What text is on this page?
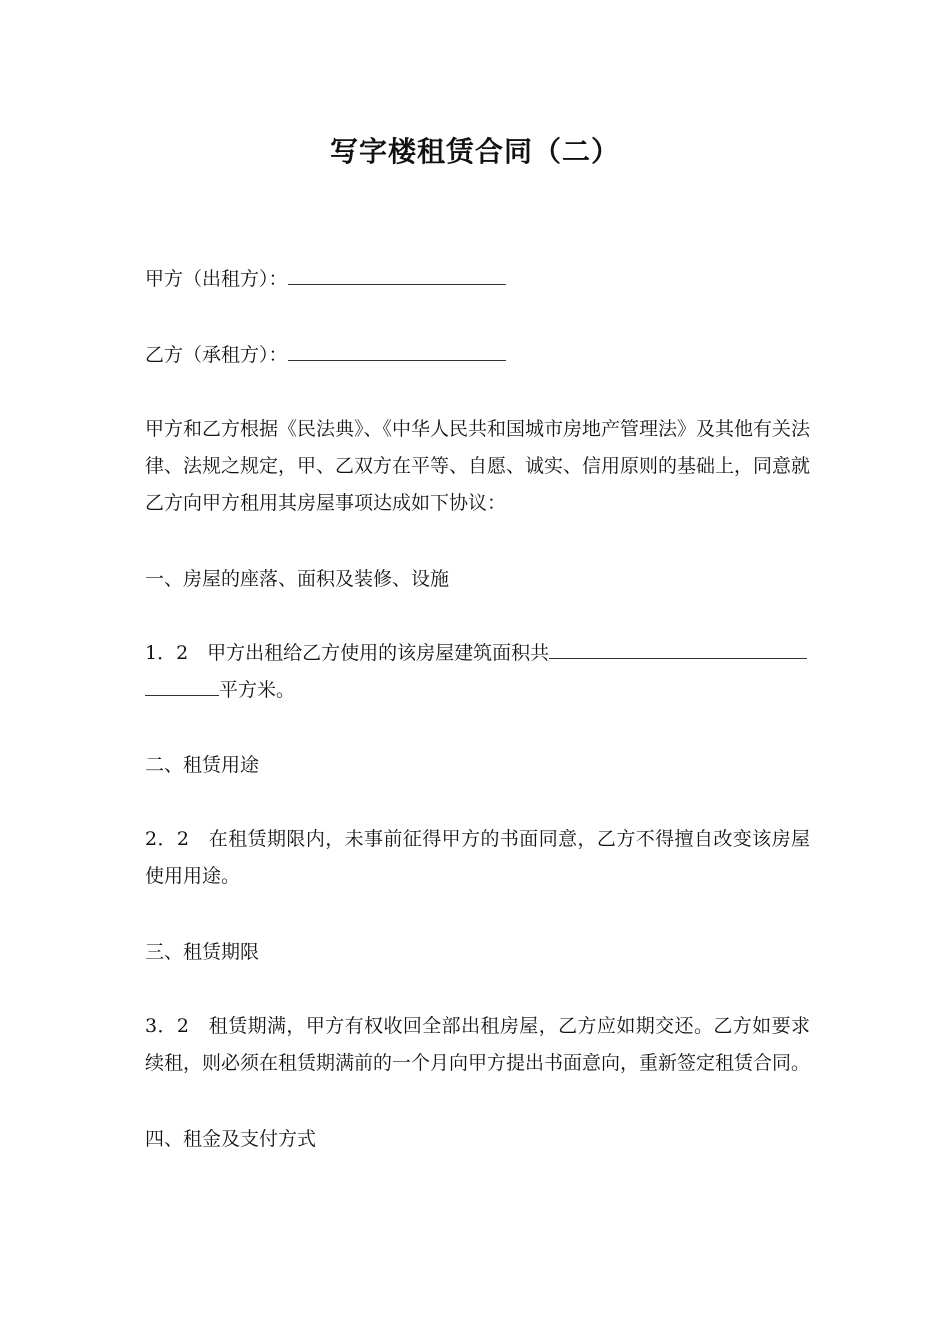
写字楼租赁合同（二）
甲方（出租方）：
乙方（承租方）：
甲方和乙方根据《民法典》、《中华人民共和国城市房地产管理法》及其他有关法律、法规之规定，甲、乙双方在平等、自愿、诚实、信用原则的基础上，同意就乙方向甲方租用其房屋事项达成如下协议：
一、房屋的座落、面积及装修、设施
1．2　甲方出租给乙方使用的该房屋建筑面积共
平方米。
二、租赁用途
2．2　在租赁期限内，未事前征得甲方的书面同意，乙方不得擅自改变该房屋使用用途。
三、租赁期限
3．2　租赁期满，甲方有权收回全部出租房屋，乙方应如期交还。乙方如要求续租，则必须在租赁期满前的一个月向甲方提出书面意向，重新签定租赁合同。
四、租金及支付方式
